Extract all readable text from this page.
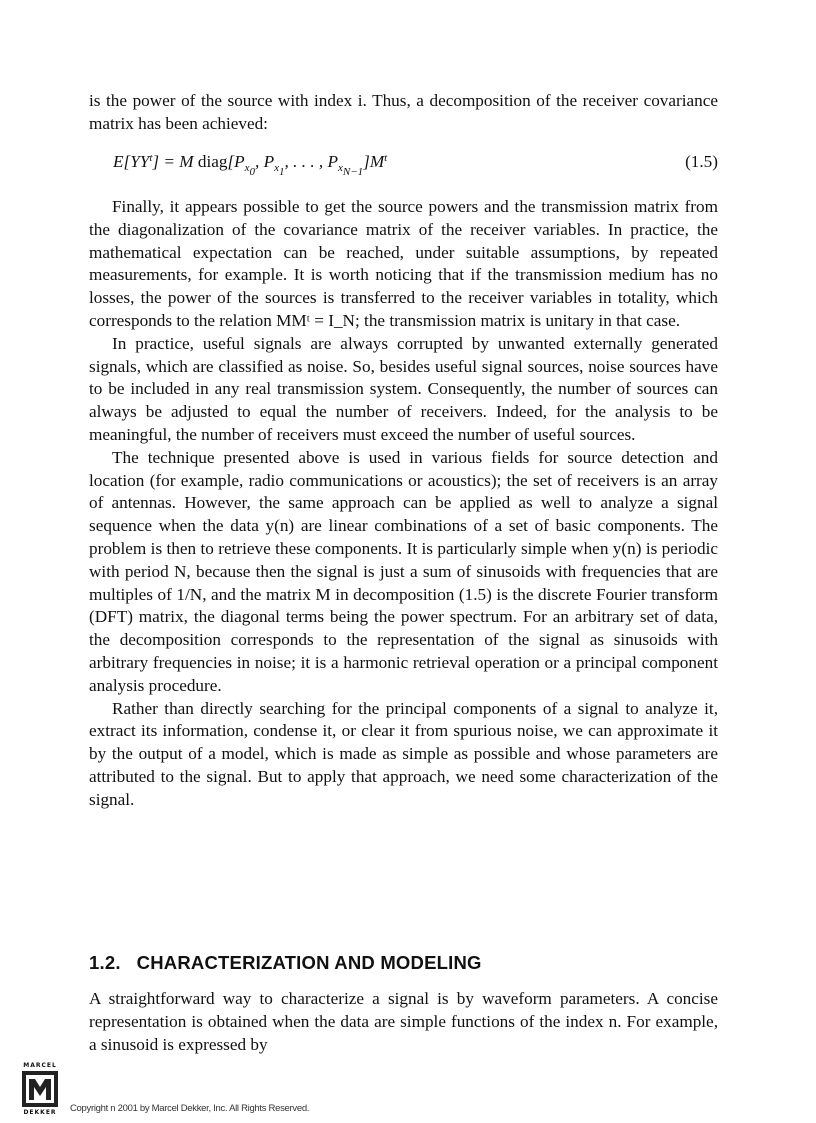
is the power of the source with index i. Thus, a decomposition of the receiver covariance matrix has been achieved:

$E[YY^t] = M$ $diag[P_{x_0}$, $P_{x_1}$, . . . , $P_{x_{N-1}}]M^t$	(1.5)

Finally, it appears possible to get the source powers and the transmission matrix from the diagonalization of the covariance matrix of the receiver variables. In practice, the mathematical expectation can be reached, under suitable assumptions, by repeated measurements, for example. It is worth noticing that if the transmission medium has no losses, the power of the sources is transferred to the receiver variables in totality, which corresponds to the relation MMᵗ = I_N; the transmission matrix is unitary in that case.

In practice, useful signals are always corrupted by unwanted externally generated signals, which are classified as noise. So, besides useful signal sources, noise sources have to be included in any real transmission system. Consequently, the number of sources can always be adjusted to equal the number of receivers. Indeed, for the analysis to be meaningful, the number of receivers must exceed the number of useful sources.

The technique presented above is used in various fields for source detection and location (for example, radio communications or acoustics); the set of receivers is an array of antennas. However, the same approach can be applied as well to analyze a signal sequence when the data y(n) are linear combinations of a set of basic components. The problem is then to retrieve these components. It is particularly simple when y(n) is periodic with period N, because then the signal is just a sum of sinusoids with frequencies that are multiples of 1/N, and the matrix M in decomposition (1.5) is the discrete Fourier transform (DFT) matrix, the diagonal terms being the power spectrum. For an arbitrary set of data, the decomposition corresponds to the representation of the signal as sinusoids with arbitrary frequencies in noise; it is a harmonic retrieval operation or a principal component analysis procedure.

Rather than directly searching for the principal components of a signal to analyze it, extract its information, condense it, or clear it from spurious noise, we can approximate it by the output of a model, which is made as simple as possible and whose parameters are attributed to the signal. But to apply that approach, we need some characterization of the signal.

1.2. CHARACTERIZATION AND MODELING

A straightforward way to characterize a signal is by waveform parameters. A concise representation is obtained when the data are simple functions of the index n. For example, a sinusoid is expressed by

MARCEL
DEKKER	Copyright n 2001 by Marcel Dekker, Inc. All Rights Reserved.
